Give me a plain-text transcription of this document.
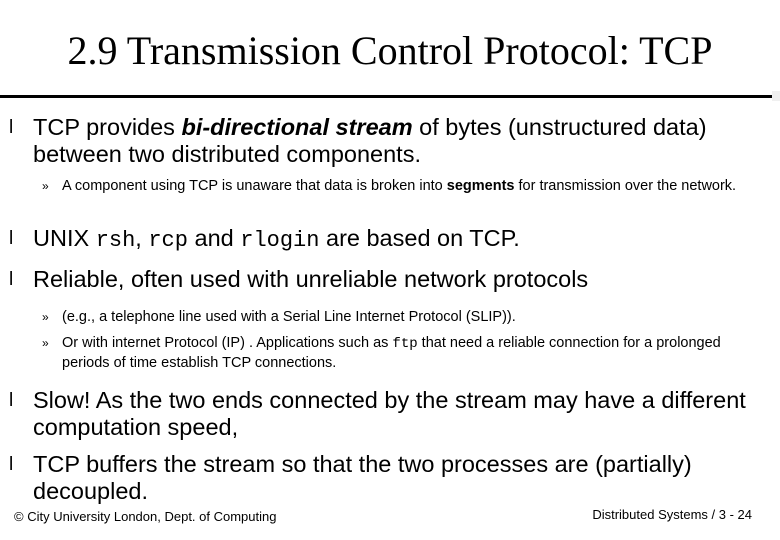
2.9 Transmission Control Protocol: TCP
l TCP provides bi-directional stream of bytes (unstructured data) between two distributed components.
» A component using TCP is unaware that data is broken into segments for transmission over the network.
l UNIX rsh, rcp and rlogin are based on TCP.
l Reliable, often used with unreliable network protocols
» (e.g., a telephone line used with a Serial Line Internet Protocol (SLIP)).
» Or with internet Protocol (IP) . Applications such as ftp that need a reliable connection for a prolonged periods of time establish TCP connections.
l Slow! As the two ends connected by the stream may have a different computation speed,
l TCP buffers the stream so that the two processes are (partially) decoupled.
© City University London, Dept. of Computing	Distributed Systems / 3 - 24
